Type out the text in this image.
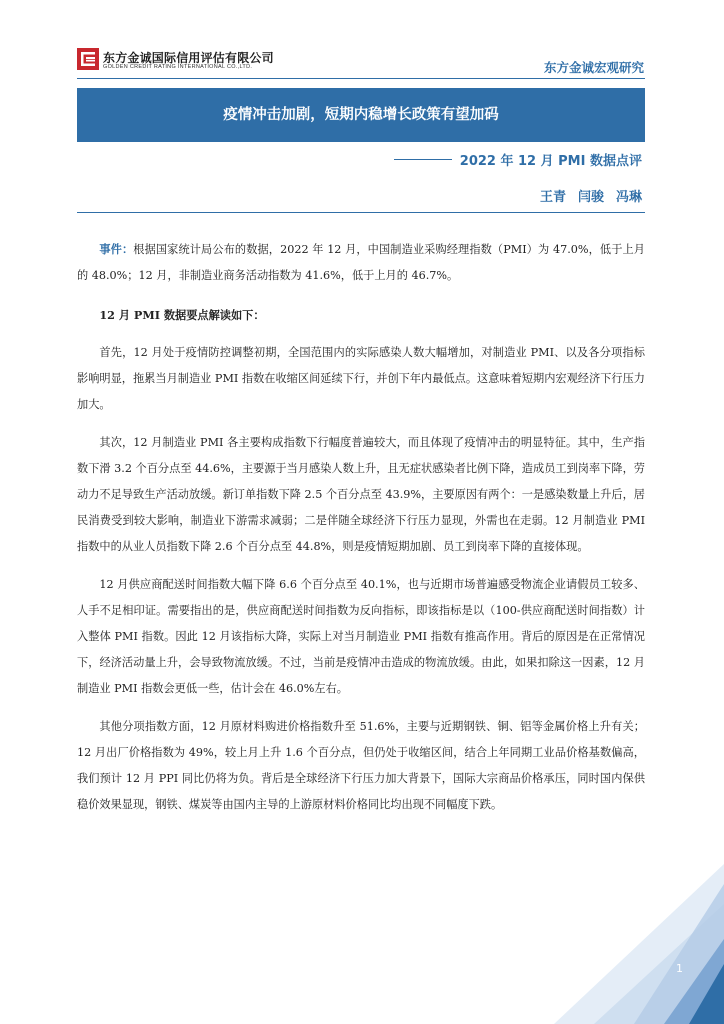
东方金诚国际信用评估有限公司
GOLDEN CREDIT RATING INTERNATIONAL CO.,LTD.	东方金诚宏观研究
疫情冲击加剧，短期内稳增长政策有望加码
2022 年 12 月 PMI 数据点评
王青 闫骏 冯琳

事件：根据国家统计局公布的数据，2022 年 12 月，中国制造业采购经理指数（PMI）为 47.0%，低于上月的 48.0%；12 月，非制造业商务活动指数为 41.6%，低于上月的 46.7%。

12 月 PMI 数据要点解读如下：

首先，12 月处于疫情防控调整初期，全国范围内的实际感染人数大幅增加，对制造业 PMI、以及各分项指标影响明显，拖累当月制造业 PMI 指数在收缩区间延续下行，并创下年内最低点。这意味着短期内宏观经济下行压力加大。

其次，12 月制造业 PMI 各主要构成指数下行幅度普遍较大，而且体现了疫情冲击的明显特征。其中，生产指数下滑 3.2 个百分点至 44.6%，主要源于当月感染人数上升，且无症状感染者比例下降，造成员工到岗率下降，劳动力不足导致生产活动放缓。新订单指数下降 2.5 个百分点至 43.9%，主要原因有两个：一是感染数量上升后，居民消费受到较大影响，制造业下游需求减弱；二是伴随全球经济下行压力显现，外需也在走弱。12 月制造业 PMI 指数中的从业人员指数下降 2.6 个百分点至 44.8%，则是疫情短期加剧、员工到岗率下降的直接体现。

12 月供应商配送时间指数大幅下降 6.6 个百分点至 40.1%，也与近期市场普遍感受物流企业请假员工较多、人手不足相印证。需要指出的是，供应商配送时间指数为反向指标，即该指标是以（100-供应商配送时间指数）计入整体 PMI 指数。因此 12 月该指标大降，实际上对当月制造业 PMI 指数有推高作用。背后的原因是在正常情况下，经济活动量上升，会导致物流放缓。不过，当前是疫情冲击造成的物流放缓。由此，如果扣除这一因素，12 月制造业 PMI 指数会更低一些，估计会在 46.0%左右。

其他分项指数方面，12 月原材料购进价格指数升至 51.6%，主要与近期钢铁、铜、铝等金属价格上升有关；12 月出厂价格指数为 49%，较上月上升 1.6 个百分点，但仍处于收缩区间，结合上年同期工业品价格基数偏高，我们预计 12 月 PPI 同比仍将为负。背后是全球经济下行压力加大背景下，国际大宗商品价格承压，同时国内保供稳价效果显现，钢铁、煤炭等由国内主导的上游原材料价格同比均出现不同幅度下跌。

1
